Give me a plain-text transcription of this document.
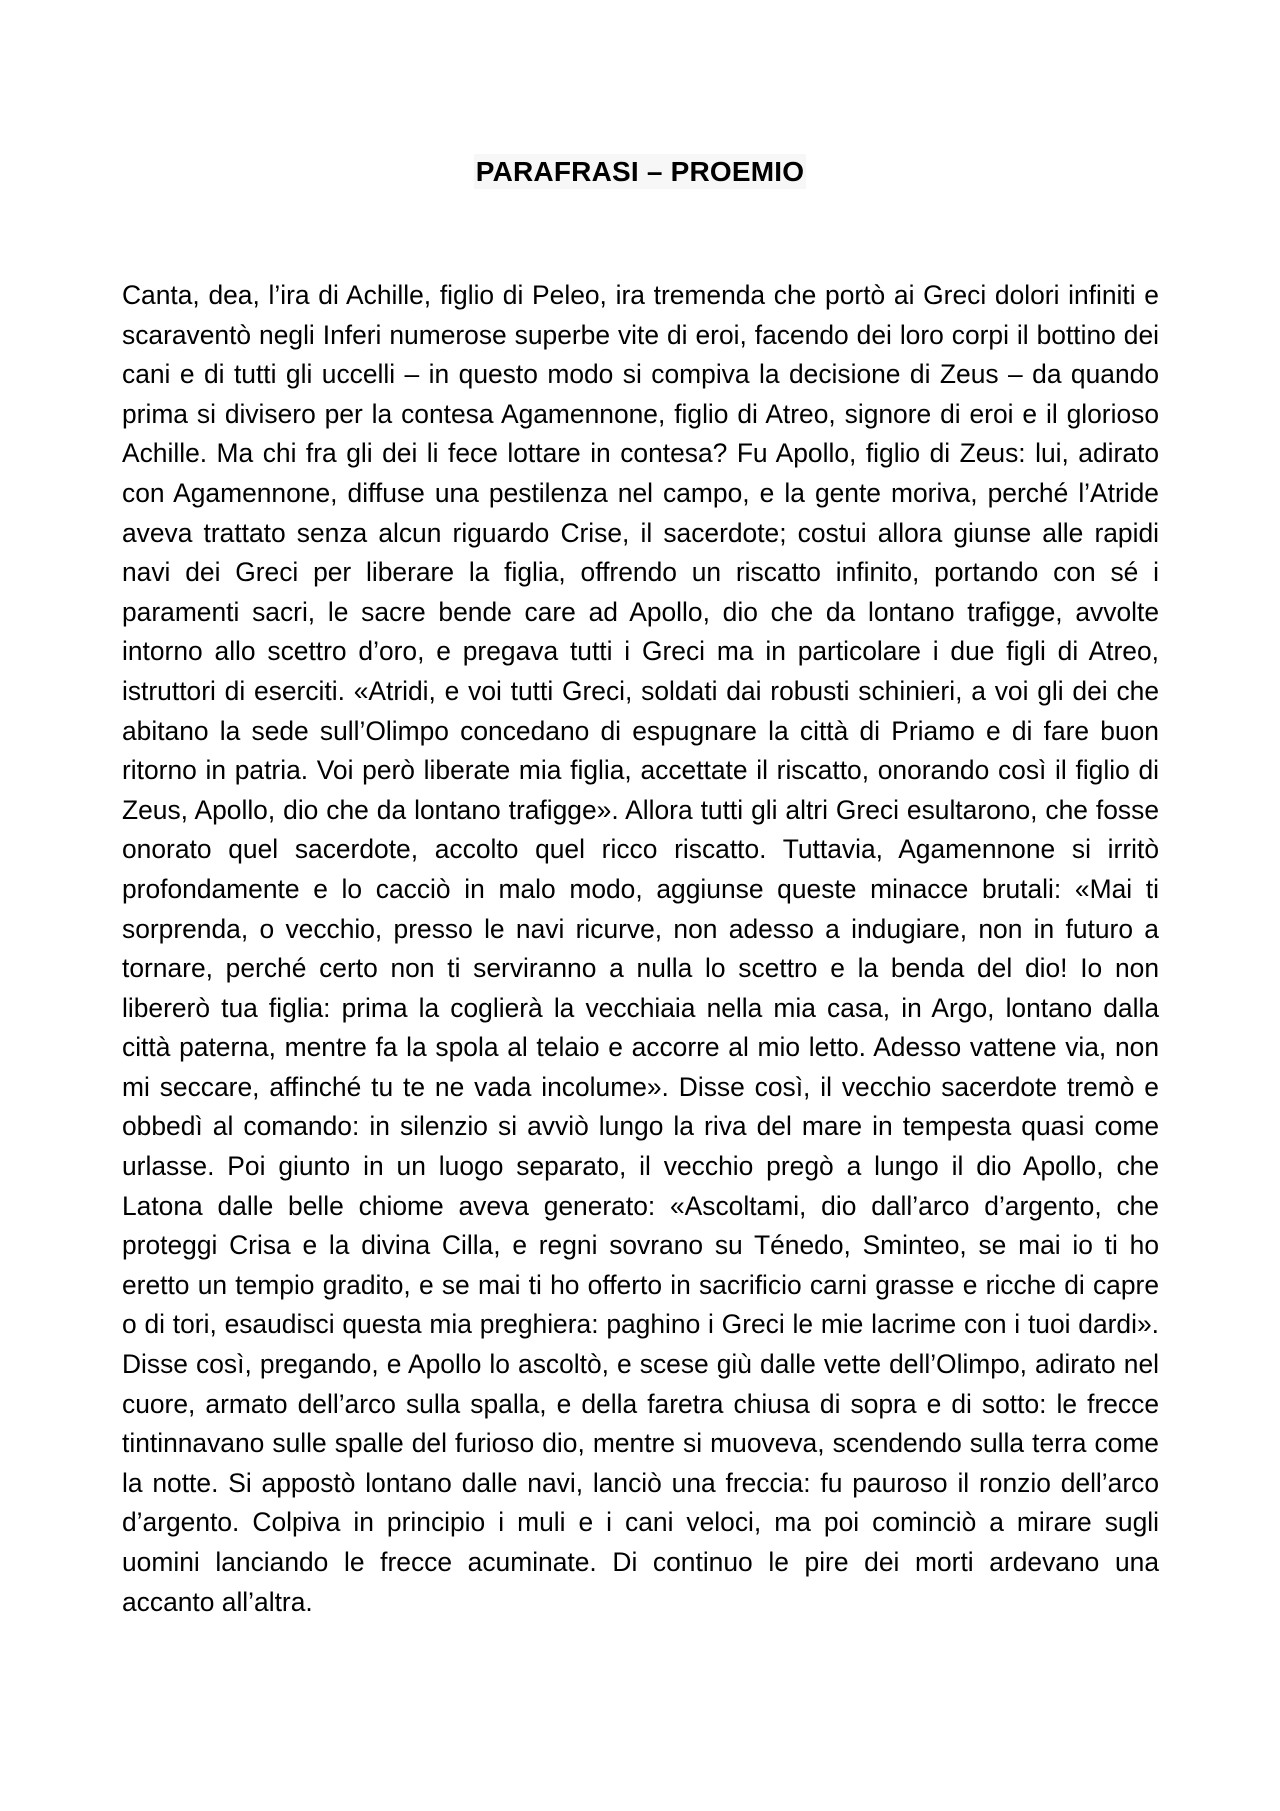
PARAFRASI – PROEMIO

Canta, dea, l’ira di Achille, figlio di Peleo, ira tremenda che portò ai Greci dolori infiniti e scaraventò negli Inferi numerose superbe vite di eroi, facendo dei loro corpi il bottino dei cani e di tutti gli uccelli – in questo modo si compiva la decisione di Zeus – da quando prima si divisero per la contesa Agamennone, figlio di Atreo, signore di eroi e il glorioso Achille. Ma chi fra gli dei li fece lottare in contesa? Fu Apollo, figlio di Zeus: lui, adirato con Agamennone, diffuse una pestilenza nel campo, e la gente moriva, perché l’Atride aveva trattato senza alcun riguardo Crise, il sacerdote; costui allora giunse alle rapidi navi dei Greci per liberare la figlia, offrendo un riscatto infinito, portando con sé i paramenti sacri, le sacre bende care ad Apollo, dio che da lontano trafigge, avvolte intorno allo scettro d’oro, e pregava tutti i Greci ma in particolare i due figli di Atreo, istruttori di eserciti. «Atridi, e voi tutti Greci, soldati dai robusti schinieri, a voi gli dei che abitano la sede sull’Olimpo concedano di espugnare la città di Priamo e di fare buon ritorno in patria. Voi però liberate mia figlia, accettate il riscatto, onorando così il figlio di Zeus, Apollo, dio che da lontano trafigge». Allora tutti gli altri Greci esultarono, che fosse onorato quel sacerdote, accolto quel ricco riscatto. Tuttavia, Agamennone si irritò profondamente e lo cacciò in malo modo, aggiunse queste minacce brutali: «Mai ti sorprenda, o vecchio, presso le navi ricurve, non adesso a indugiare, non in futuro a tornare, perché certo non ti serviranno a nulla lo scettro e la benda del dio! Io non libererò tua figlia: prima la coglierà la vecchiaia nella mia casa, in Argo, lontano dalla città paterna, mentre fa la spola al telaio e accorre al mio letto. Adesso vattene via, non mi seccare, affinché tu te ne vada incolume». Disse così, il vecchio sacerdote tremò e obbedì al comando: in silenzio si avviò lungo la riva del mare in tempesta quasi come urlasse. Poi giunto in un luogo separato, il vecchio pregò a lungo il dio Apollo, che Latona dalle belle chiome aveva generato: «Ascoltami, dio dall’arco d’argento, che proteggi Crisa e la divina Cilla, e regni sovrano su Ténedo, Sminteo, se mai io ti ho eretto un tempio gradito, e se mai ti ho offerto in sacrificio carni grasse e ricche di capre o di tori, esaudisci questa mia preghiera: paghino i Greci le mie lacrime con i tuoi dardi». Disse così, pregando, e Apollo lo ascoltò, e scese giù dalle vette dell’Olimpo, adirato nel cuore, armato dell’arco sulla spalla, e della faretra chiusa di sopra e di sotto: le frecce tintinnavano sulle spalle del furioso dio, mentre si muoveva, scendendo sulla terra come la notte. Si appostò lontano dalle navi, lanciò una freccia: fu pauroso il ronzio dell’arco d’argento. Colpiva in principio i muli e i cani veloci, ma poi cominciò a mirare sugli uomini lanciando le frecce acuminate. Di continuo le pire dei morti ardevano una accanto all’altra.
